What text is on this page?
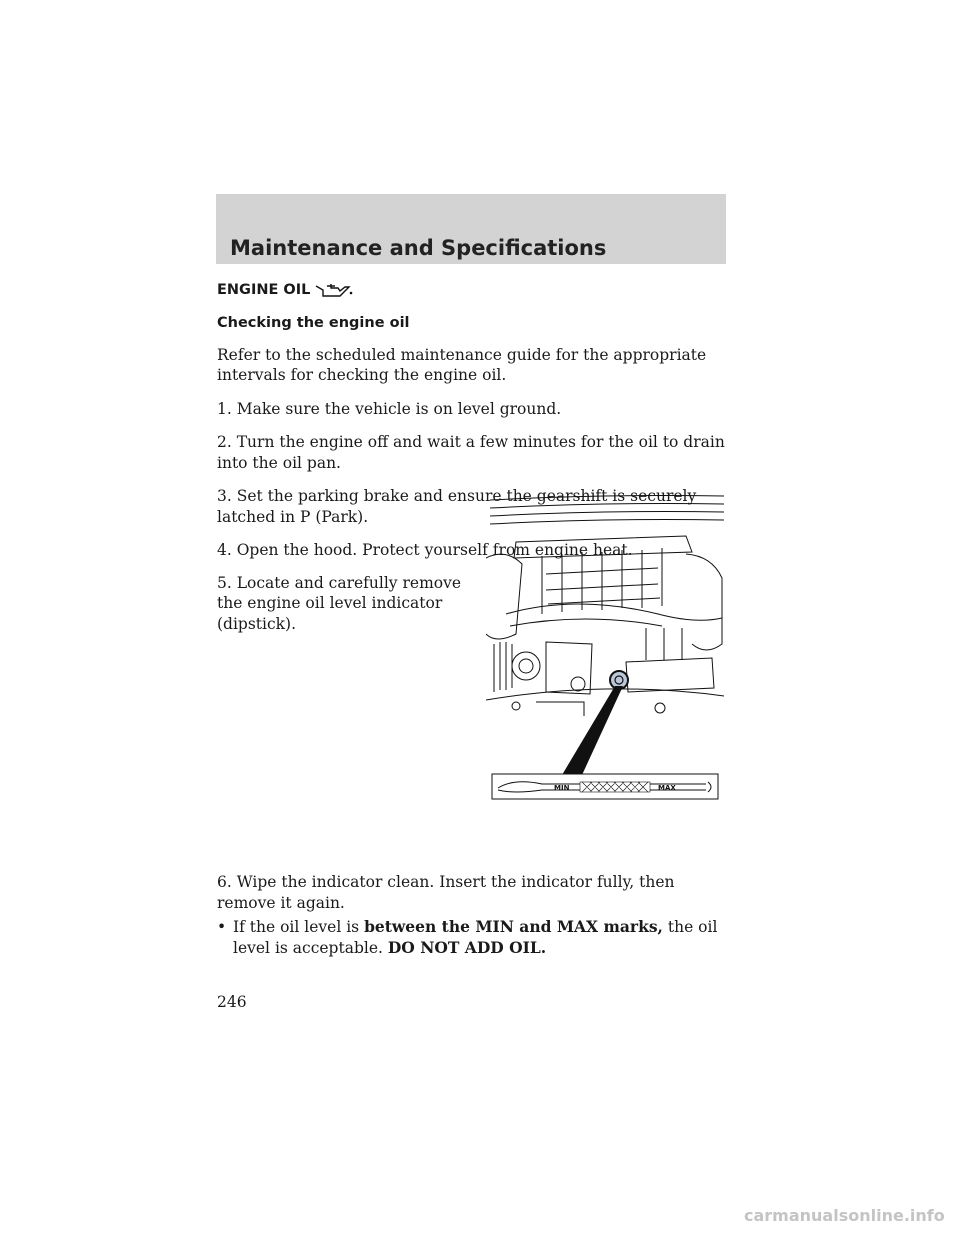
Maintenance and Specifications
ENGINE OIL
Checking the engine oil

Refer to the scheduled maintenance guide for the appropriate intervals for checking the engine oil.

1. Make sure the vehicle is on level ground.

2. Turn the engine off and wait a few minutes for the oil to drain into the oil pan.

3. Set the parking brake and ensure the gearshift is securely latched in P (Park).

4. Open the hood. Protect yourself from engine heat.

5. Locate and carefully remove the engine oil level indicator (dipstick).

6. Wipe the indicator clean. Insert the indicator fully, then remove it again.

• If the oil level is between the MIN and MAX marks, the oil level is acceptable. DO NOT ADD OIL.
MIN	MAX
246
carmanualsonline.info
